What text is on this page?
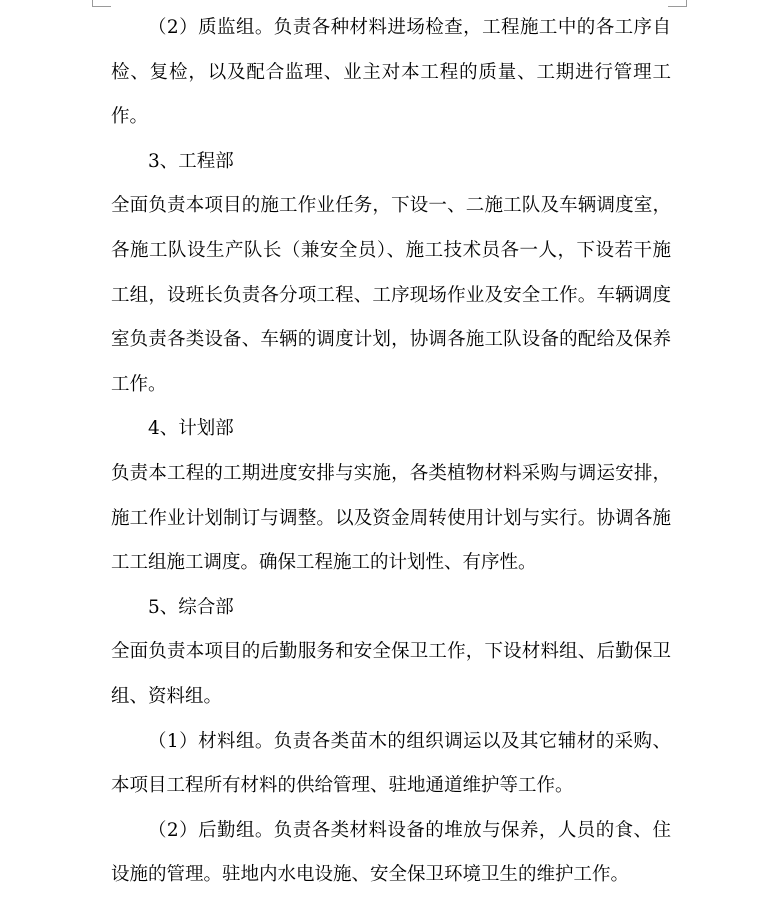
（2）质监组。负责各种材料进场检查，工程施工中的各工序自检、复检，以及配合监理、业主对本工程的质量、工期进行管理工作。

3、工程部

全面负责本项目的施工作业任务，下设一、二施工队及车辆调度室，各施工队设生产队长（兼安全员）、施工技术员各一人，下设若干施工组，设班长负责各分项工程、工序现场作业及安全工作。车辆调度室负责各类设备、车辆的调度计划，协调各施工队设备的配给及保养工作。

4、计划部

负责本工程的工期进度安排与实施，各类植物材料采购与调运安排，施工作业计划制订与调整。以及资金周转使用计划与实行。协调各施工工组施工调度。确保工程施工的计划性、有序性。

5、综合部

全面负责本项目的后勤服务和安全保卫工作，下设材料组、后勤保卫组、资料组。

（1）材料组。负责各类苗木的组织调运以及其它辅材的采购、本项目工程所有材料的供给管理、驻地通道维护等工作。

（2）后勤组。负责各类材料设备的堆放与保养，人员的食、住设施的管理。驻地内水电设施、安全保卫环境卫生的维护工作。
